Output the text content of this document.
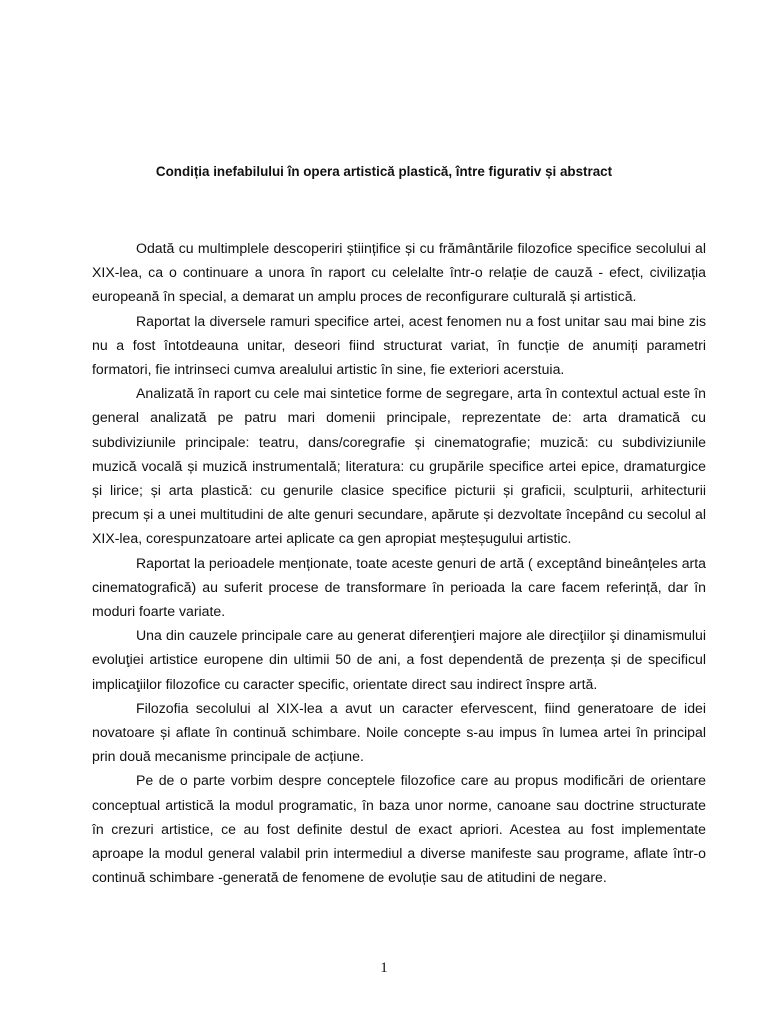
Condiția inefabilului în opera artistică plastică, între figurativ și abstract

Odată cu multimplele descoperiri științifice și cu frământările filozofice specifice secolului al XIX-lea, ca o continuare a unora în raport cu celelalte într-o relație de cauză - efect, civilizația europeană în special, a demarat un amplu proces de reconfigurare culturală și artistică.

Raportat la diversele ramuri specifice artei, acest fenomen nu a fost unitar sau mai bine zis nu a fost întotdeauna unitar, deseori fiind structurat variat, în funcție de anumiți parametri formatori, fie intrinseci cumva arealului artistic în sine, fie exteriori acerstuia.

Analizată în raport cu cele mai sintetice forme de segregare, arta în contextul actual este în general analizată pe patru mari domenii principale, reprezentate de: arta dramatică cu subdiviziunile principale: teatru, dans/coregrafie și cinematografie; muzică: cu subdiviziunile muzică vocală și muzică instrumentală; literatura: cu grupările specifice artei epice, dramaturgice și lirice; și arta plastică: cu genurile clasice specifice picturii și graficii, sculpturii, arhitecturii precum și a unei multitudini de alte genuri secundare, apărute și dezvoltate începând cu secolul al XIX-lea, corespunzatoare artei aplicate ca gen apropiat meșteșugului artistic.

Raportat la perioadele menționate, toate aceste genuri de artă ( exceptând bineânțeles arta cinematografică) au suferit procese de transformare în perioada la care facem referință, dar în moduri foarte variate.

Una din cauzele principale care au generat diferenţieri majore ale direcţiilor şi dinamismului evoluţiei artistice europene din ultimii 50 de ani, a fost dependentă de prezența și de specificul implicaţiilor filozofice cu caracter specific, orientate direct sau indirect înspre artă.

Filozofia secolului al XIX-lea a avut un caracter efervescent, fiind generatoare de idei novatoare și aflate în continuă schimbare. Noile concepte s-au impus în lumea artei în principal prin două mecanisme principale de acțiune.

Pe de o parte vorbim despre conceptele filozofice care au propus modificări de orientare conceptual artistică la modul programatic, în baza unor norme, canoane sau doctrine structurate în crezuri artistice, ce au fost definite destul de exact apriori. Acestea au fost implementate aproape la modul general valabil prin intermediul a diverse manifeste sau programe, aflate într-o continuă schimbare -generată de fenomene de evoluție sau de atitudini de negare.

1
